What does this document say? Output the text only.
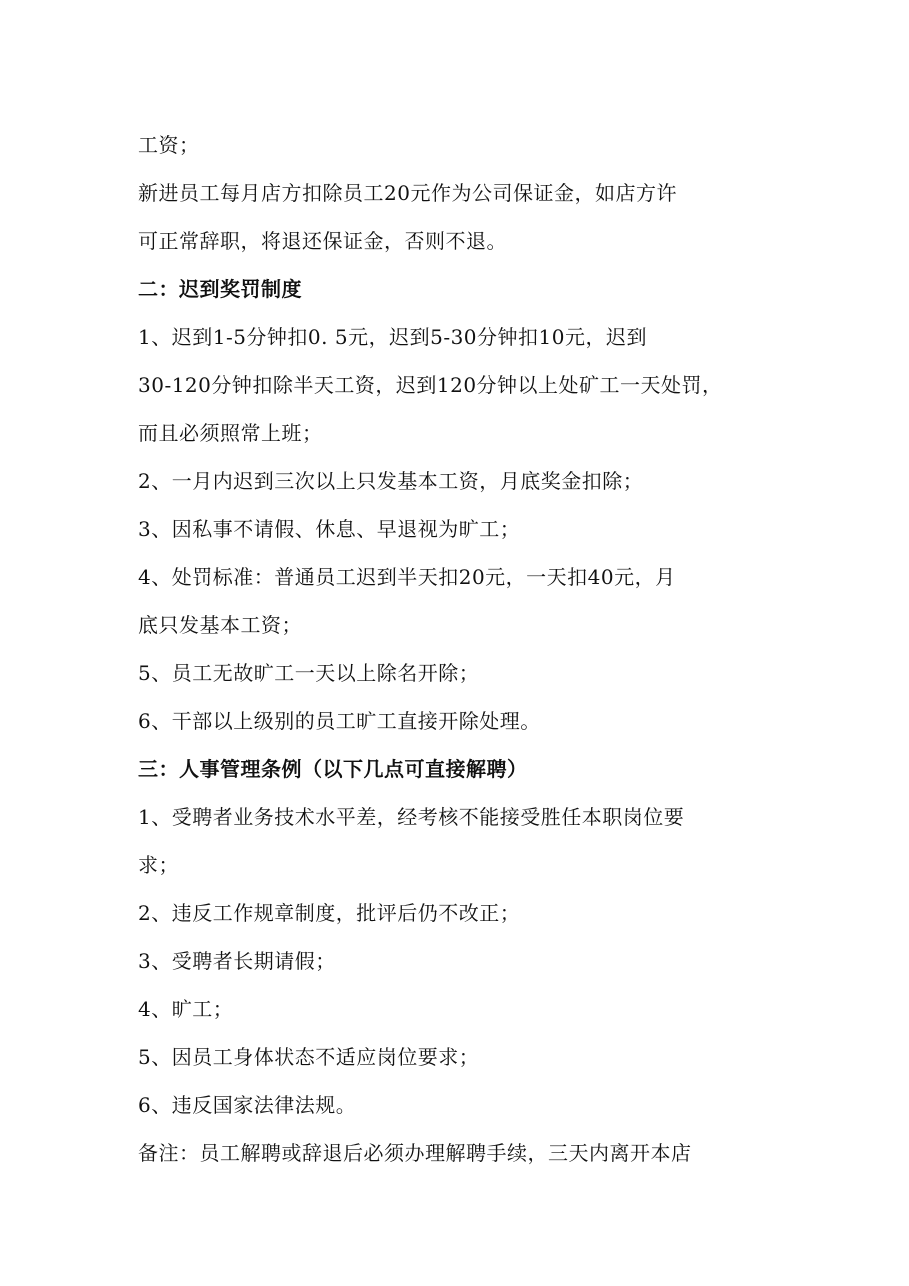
工资；
新进员工每月店方扣除员工20元作为公司保证金，如店方许
可正常辞职，将退还保证金，否则不退。
二：迟到奖罚制度
1、迟到1-5分钟扣0. 5元，迟到5-30分钟扣10元，迟到
30-120分钟扣除半天工资，迟到120分钟以上处矿工一天处罚，
而且必须照常上班；
2、一月内迟到三次以上只发基本工资，月底奖金扣除；
3、因私事不请假、休息、早退视为旷工；
4、处罚标准：普通员工迟到半天扣20元，一天扣40元，月
底只发基本工资；
5、员工无故旷工一天以上除名开除；
6、干部以上级别的员工旷工直接开除处理。
三：人事管理条例（以下几点可直接解聘）
1、受聘者业务技术水平差，经考核不能接受胜任本职岗位要
求；
2、违反工作规章制度，批评后仍不改正；
3、受聘者长期请假；
4、旷工；
5、因员工身体状态不适应岗位要求；
6、违反国家法律法规。
备注：员工解聘或辞退后必须办理解聘手续，三天内离开本店
